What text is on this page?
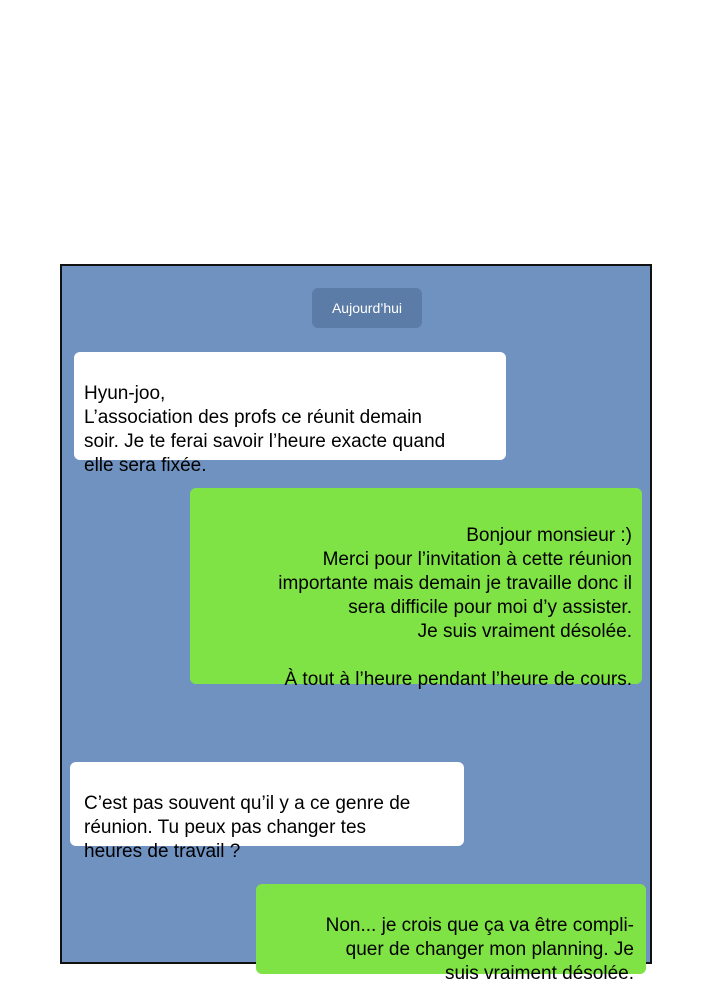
Aujourd’hui

Hyun-joo,
L’association des profs ce réunit demain
soir. Je te ferai savoir l’heure exacte quand
elle sera fixée.

Bonjour monsieur :)
Merci pour l’invitation à cette réunion
importante mais demain je travaille donc il
sera difficile pour moi d’y assister.
Je suis vraiment désolée.

À tout à l’heure pendant l’heure de cours.

C’est pas souvent qu’il y a ce genre de
réunion. Tu peux pas changer tes
heures de travail ?

Non... je crois que ça va être compli-
quer de changer mon planning. Je
suis vraiment désolée.
